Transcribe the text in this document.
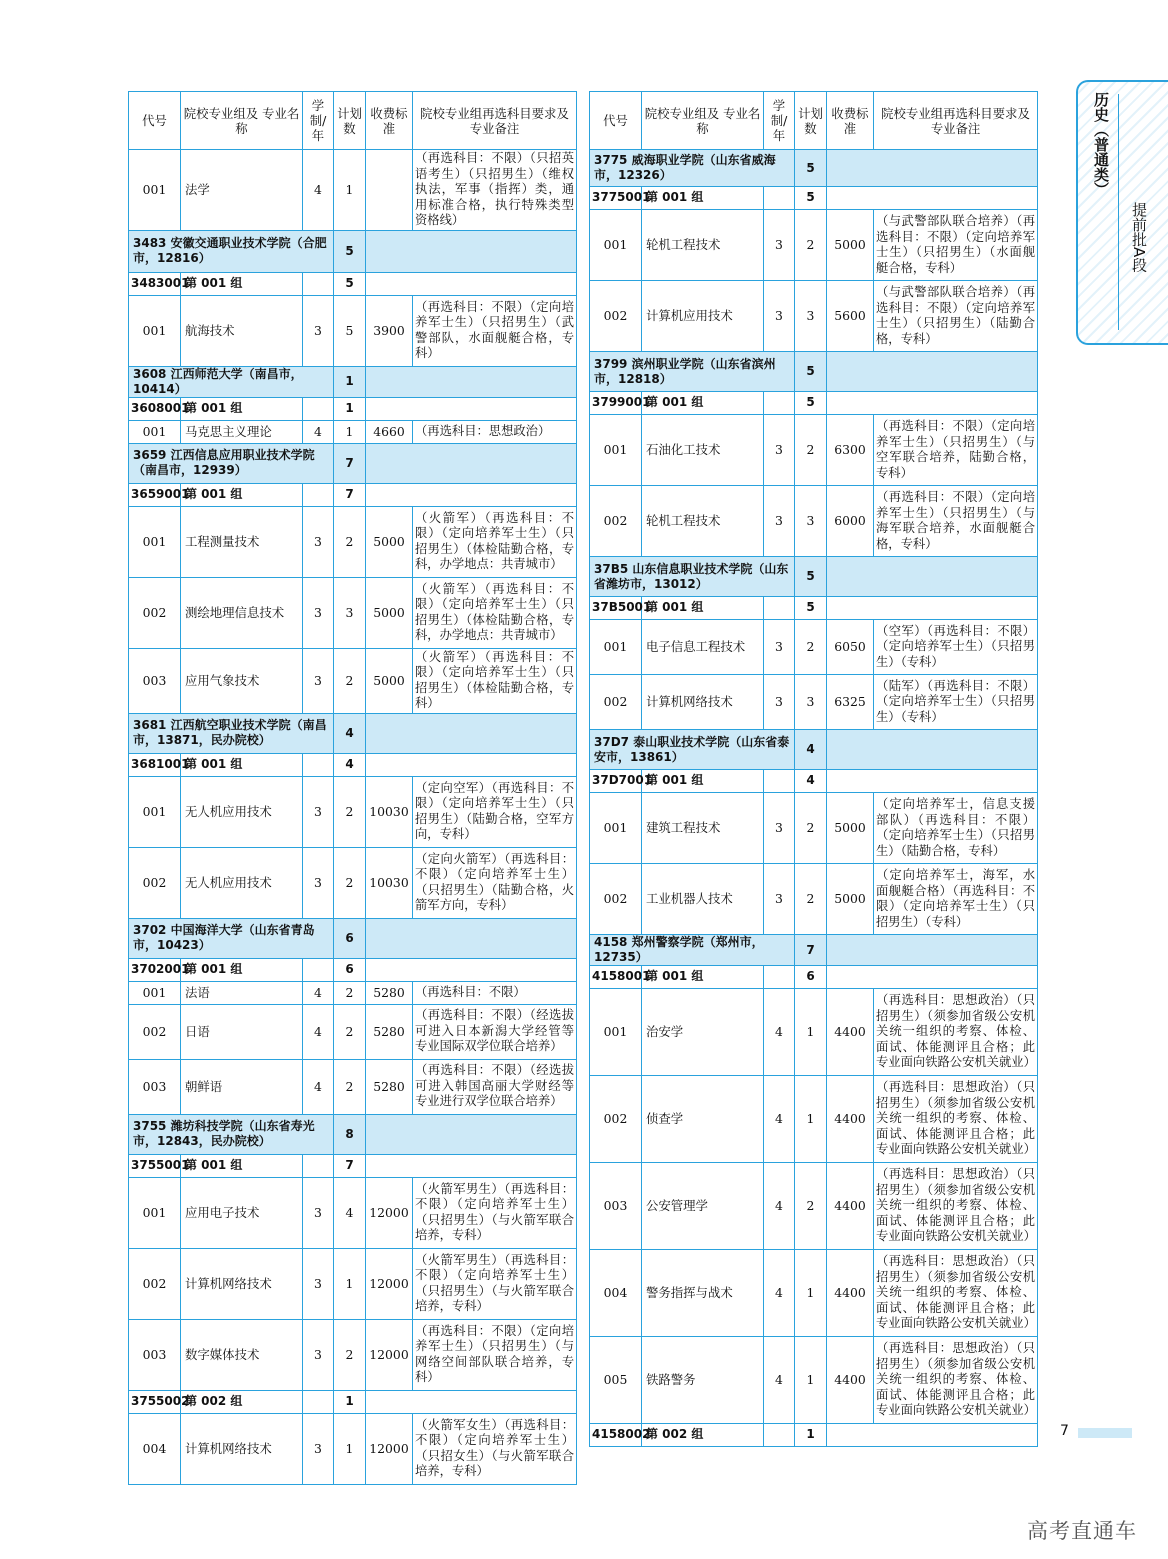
代号	院校专业组及 专业名称	学制/年	计划数	收费标准	院校专业组再选科目要求及专业备注
001	法学	4	1		（再选科目：不限）（只招英语考生）（只招男生）（维权执法，军事（指挥）类，通用标准合格，执行特殊类型资格线）
3483 安徽交通职业技术学院（合肥市，12816）			5		
3483001	第 001 组		5		
001	航海技术	3	5	3900	（再选科目：不限）（定向培养军士生）（只招男生）（武警部队，水面舰艇合格，专科）
3608 江西师范大学（南昌市，10414）			1		
3608001	第 001 组		1		
001	马克思主义理论	4	1	4660	（再选科目：思想政治）
3659 江西信息应用职业技术学院（南昌市，12939）			7		
3659001	第 001 组		7		
001	工程测量技术	3	2	5000	（火箭军）（再选科目：不限）（定向培养军士生）（只招男生）（体检陆勤合格，专科，办学地点：共青城市）
002	测绘地理信息技术	3	3	5000	（火箭军）（再选科目：不限）（定向培养军士生）（只招男生）（体检陆勤合格，专科，办学地点：共青城市）
003	应用气象技术	3	2	5000	（火箭军）（再选科目：不限）（定向培养军士生）（只招男生）（体检陆勤合格，专科）
3681 江西航空职业技术学院（南昌市，13871，民办院校）			4		
3681001	第 001 组		4		
001	无人机应用技术	3	2	10030	（定向空军）（再选科目：不限）（定向培养军士生）（只招男生）（陆勤合格，空军方向，专科）
002	无人机应用技术	3	2	10030	（定向火箭军）（再选科目：不限）（定向培养军士生）（只招男生）（陆勤合格，火箭军方向，专科）
3702 中国海洋大学（山东省青岛市，10423）			6		
3702001	第 001 组		6		
001	法语	4	2	5280	（再选科目：不限）
002	日语	4	2	5280	（再选科目：不限）（经选拔可进入日本新潟大学经管等专业国际双学位联合培养）
003	朝鲜语	4	2	5280	（再选科目：不限）（经选拔可进入韩国高丽大学财经等专业进行双学位联合培养）
3755 潍坊科技学院（山东省寿光市，12843，民办院校）			8		
3755001	第 001 组		7		
001	应用电子技术	3	4	12000	（火箭军男生）（再选科目：不限）（定向培养军士生）（只招男生）（与火箭军联合培养，专科）
002	计算机网络技术	3	1	12000	（火箭军男生）（再选科目：不限）（定向培养军士生）（只招男生）（与火箭军联合培养，专科）
003	数字媒体技术	3	2	12000	（再选科目：不限）（定向培养军士生）（只招男生）（与网络空间部队联合培养，专科）
3755002	第 002 组		1		
004	计算机网络技术	3	1	12000	（火箭军女生）（再选科目：不限）（定向培养军士生）（只招女生）（与火箭军联合培养，专科）
代号	院校专业组及 专业名称	学制/年	计划数	收费标准	院校专业组再选科目要求及专业备注
3775 威海职业学院（山东省威海市，12326）			5		
3775001	第 001 组		5		
001	轮机工程技术	3	2	5000	（与武警部队联合培养）（再选科目：不限）（定向培养军士生）（只招男生）（水面舰艇合格，专科）
002	计算机应用技术	3	3	5600	（与武警部队联合培养）（再选科目：不限）（定向培养军士生）（只招男生）（陆勤合格，专科）
3799 滨州职业学院（山东省滨州市，12818）			5		
3799001	第 001 组		5		
001	石油化工技术	3	2	6300	（再选科目：不限）（定向培养军士生）（只招男生）（与空军联合培养，陆勤合格，专科）
002	轮机工程技术	3	3	6000	（再选科目：不限）（定向培养军士生）（只招男生）（与海军联合培养，水面舰艇合格，专科）
37B5 山东信息职业技术学院（山东省潍坊市，13012）			5		
37B5001	第 001 组		5		
001	电子信息工程技术	3	2	6050	（空军）（再选科目：不限）（定向培养军士生）（只招男生）（专科）
002	计算机网络技术	3	3	6325	（陆军）（再选科目：不限）（定向培养军士生）（只招男生）（专科）
37D7 泰山职业技术学院（山东省泰安市，13861）			4		
37D7001	第 001 组		4		
001	建筑工程技术	3	2	5000	（定向培养军士，信息支援部队）（再选科目：不限）（定向培养军士生）（只招男生）（陆勤合格，专科）
002	工业机器人技术	3	2	5000	（定向培养军士，海军，水面舰艇合格）（再选科目：不限）（定向培养军士生）（只招男生）（专科）
4158 郑州警察学院（郑州市，12735）			7		
4158001	第 001 组		6		
001	治安学	4	1	4400	（再选科目：思想政治）（只招男生）（须参加省级公安机关统一组织的考察、体检、面试、体能测评且合格；此专业面向铁路公安机关就业）
002	侦查学	4	1	4400	（再选科目：思想政治）（只招男生）（须参加省级公安机关统一组织的考察、体检、面试、体能测评且合格；此专业面向铁路公安机关就业）
003	公安管理学	4	2	4400	（再选科目：思想政治）（只招男生）（须参加省级公安机关统一组织的考察、体检、面试、体能测评且合格；此专业面向铁路公安机关就业）
004	警务指挥与战术	4	1	4400	（再选科目：思想政治）（只招男生）（须参加省级公安机关统一组织的考察、体检、面试、体能测评且合格；此专业面向铁路公安机关就业）
005	铁路警务	4	1	4400	（再选科目：思想政治）（只招男生）（须参加省级公安机关统一组织的考察、体检、面试、体能测评且合格；此专业面向铁路公安机关就业）
4158002	第 002 组		1		
历史（普通类）
提前批A段
7
高考直通车
